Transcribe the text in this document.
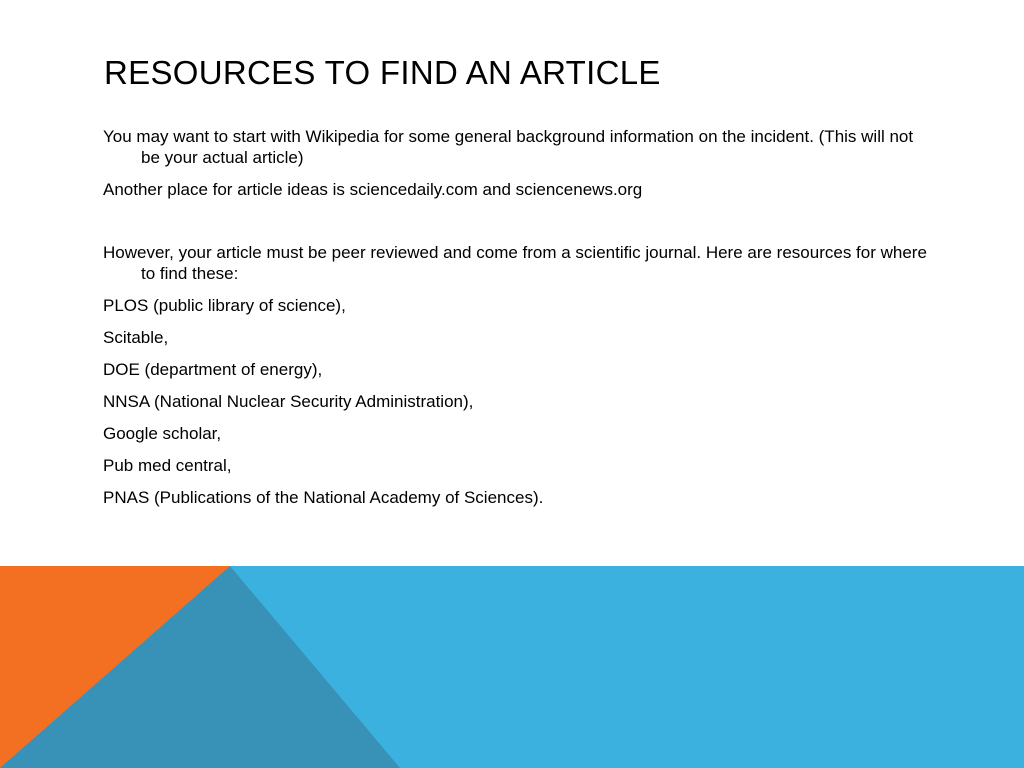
RESOURCES TO FIND AN ARTICLE
You may want to start with Wikipedia for some general background information on the incident. (This will not be your actual article)
Another place for article ideas is sciencedaily.com and sciencenews.org
However, your article must be peer reviewed and come from a scientific journal. Here are resources for where to find these:
PLOS (public library of science),
Scitable,
DOE (department of energy),
NNSA (National Nuclear Security Administration),
Google scholar,
Pub med central,
PNAS (Publications of the National Academy of Sciences).
